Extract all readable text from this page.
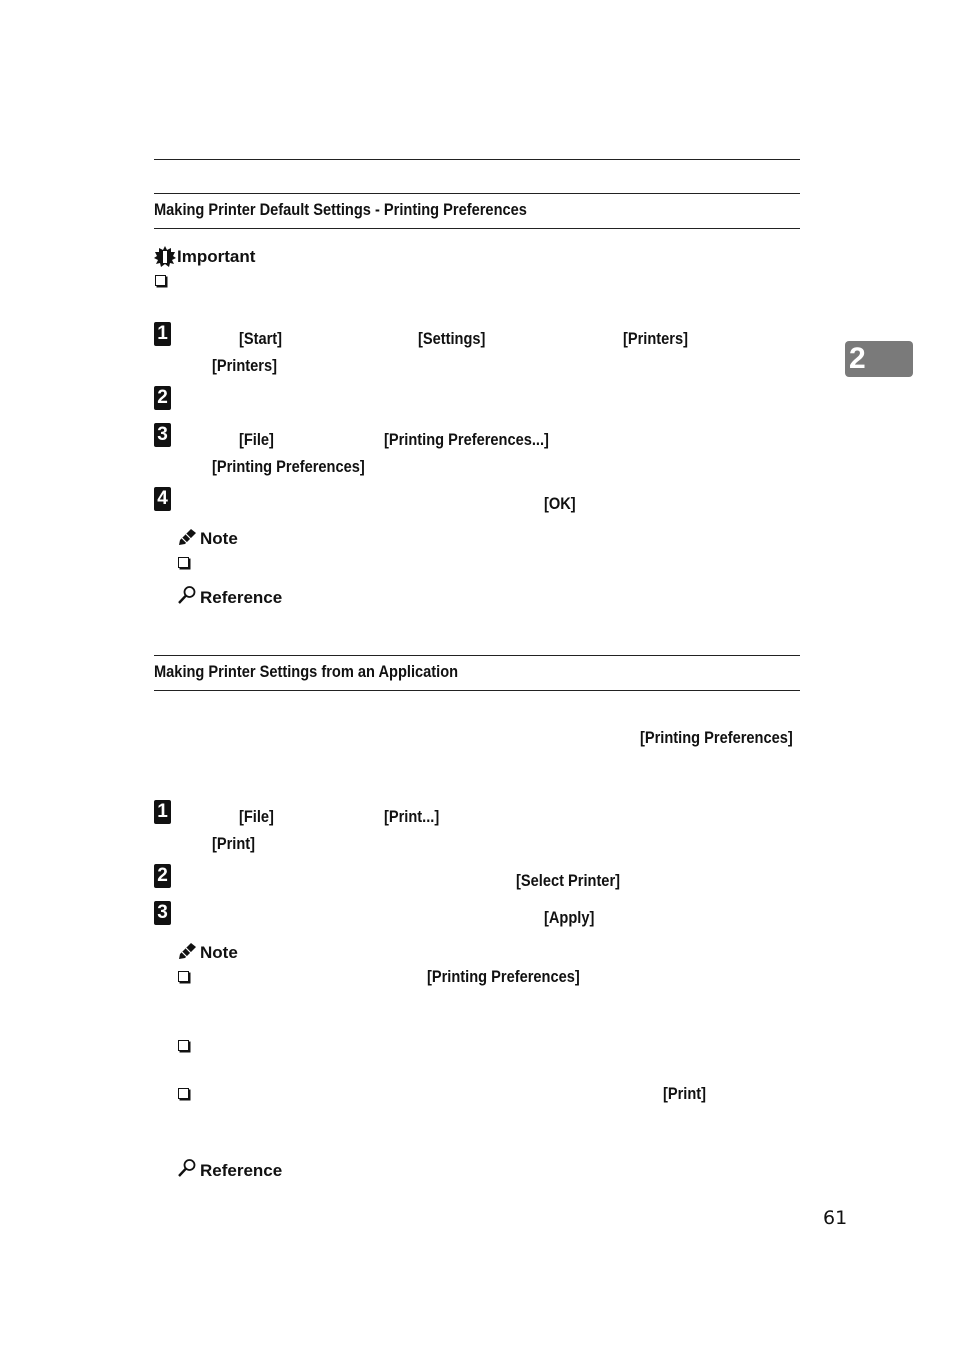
2
Making Printer Default Settings - Printing Preferences
Important
1	[Start]	[Settings]	[Printers]
[Printers]
2
3	[File]	[Printing Preferences...]
[Printing Preferences]
4	[OK]
Note
Reference
Making Printer Settings from an Application
[Printing Preferences]
1	[File]	[Print...]
[Print]
2	[Select Printer]
3	[Apply]
Note
[Printing Preferences]
[Print]
Reference
61
